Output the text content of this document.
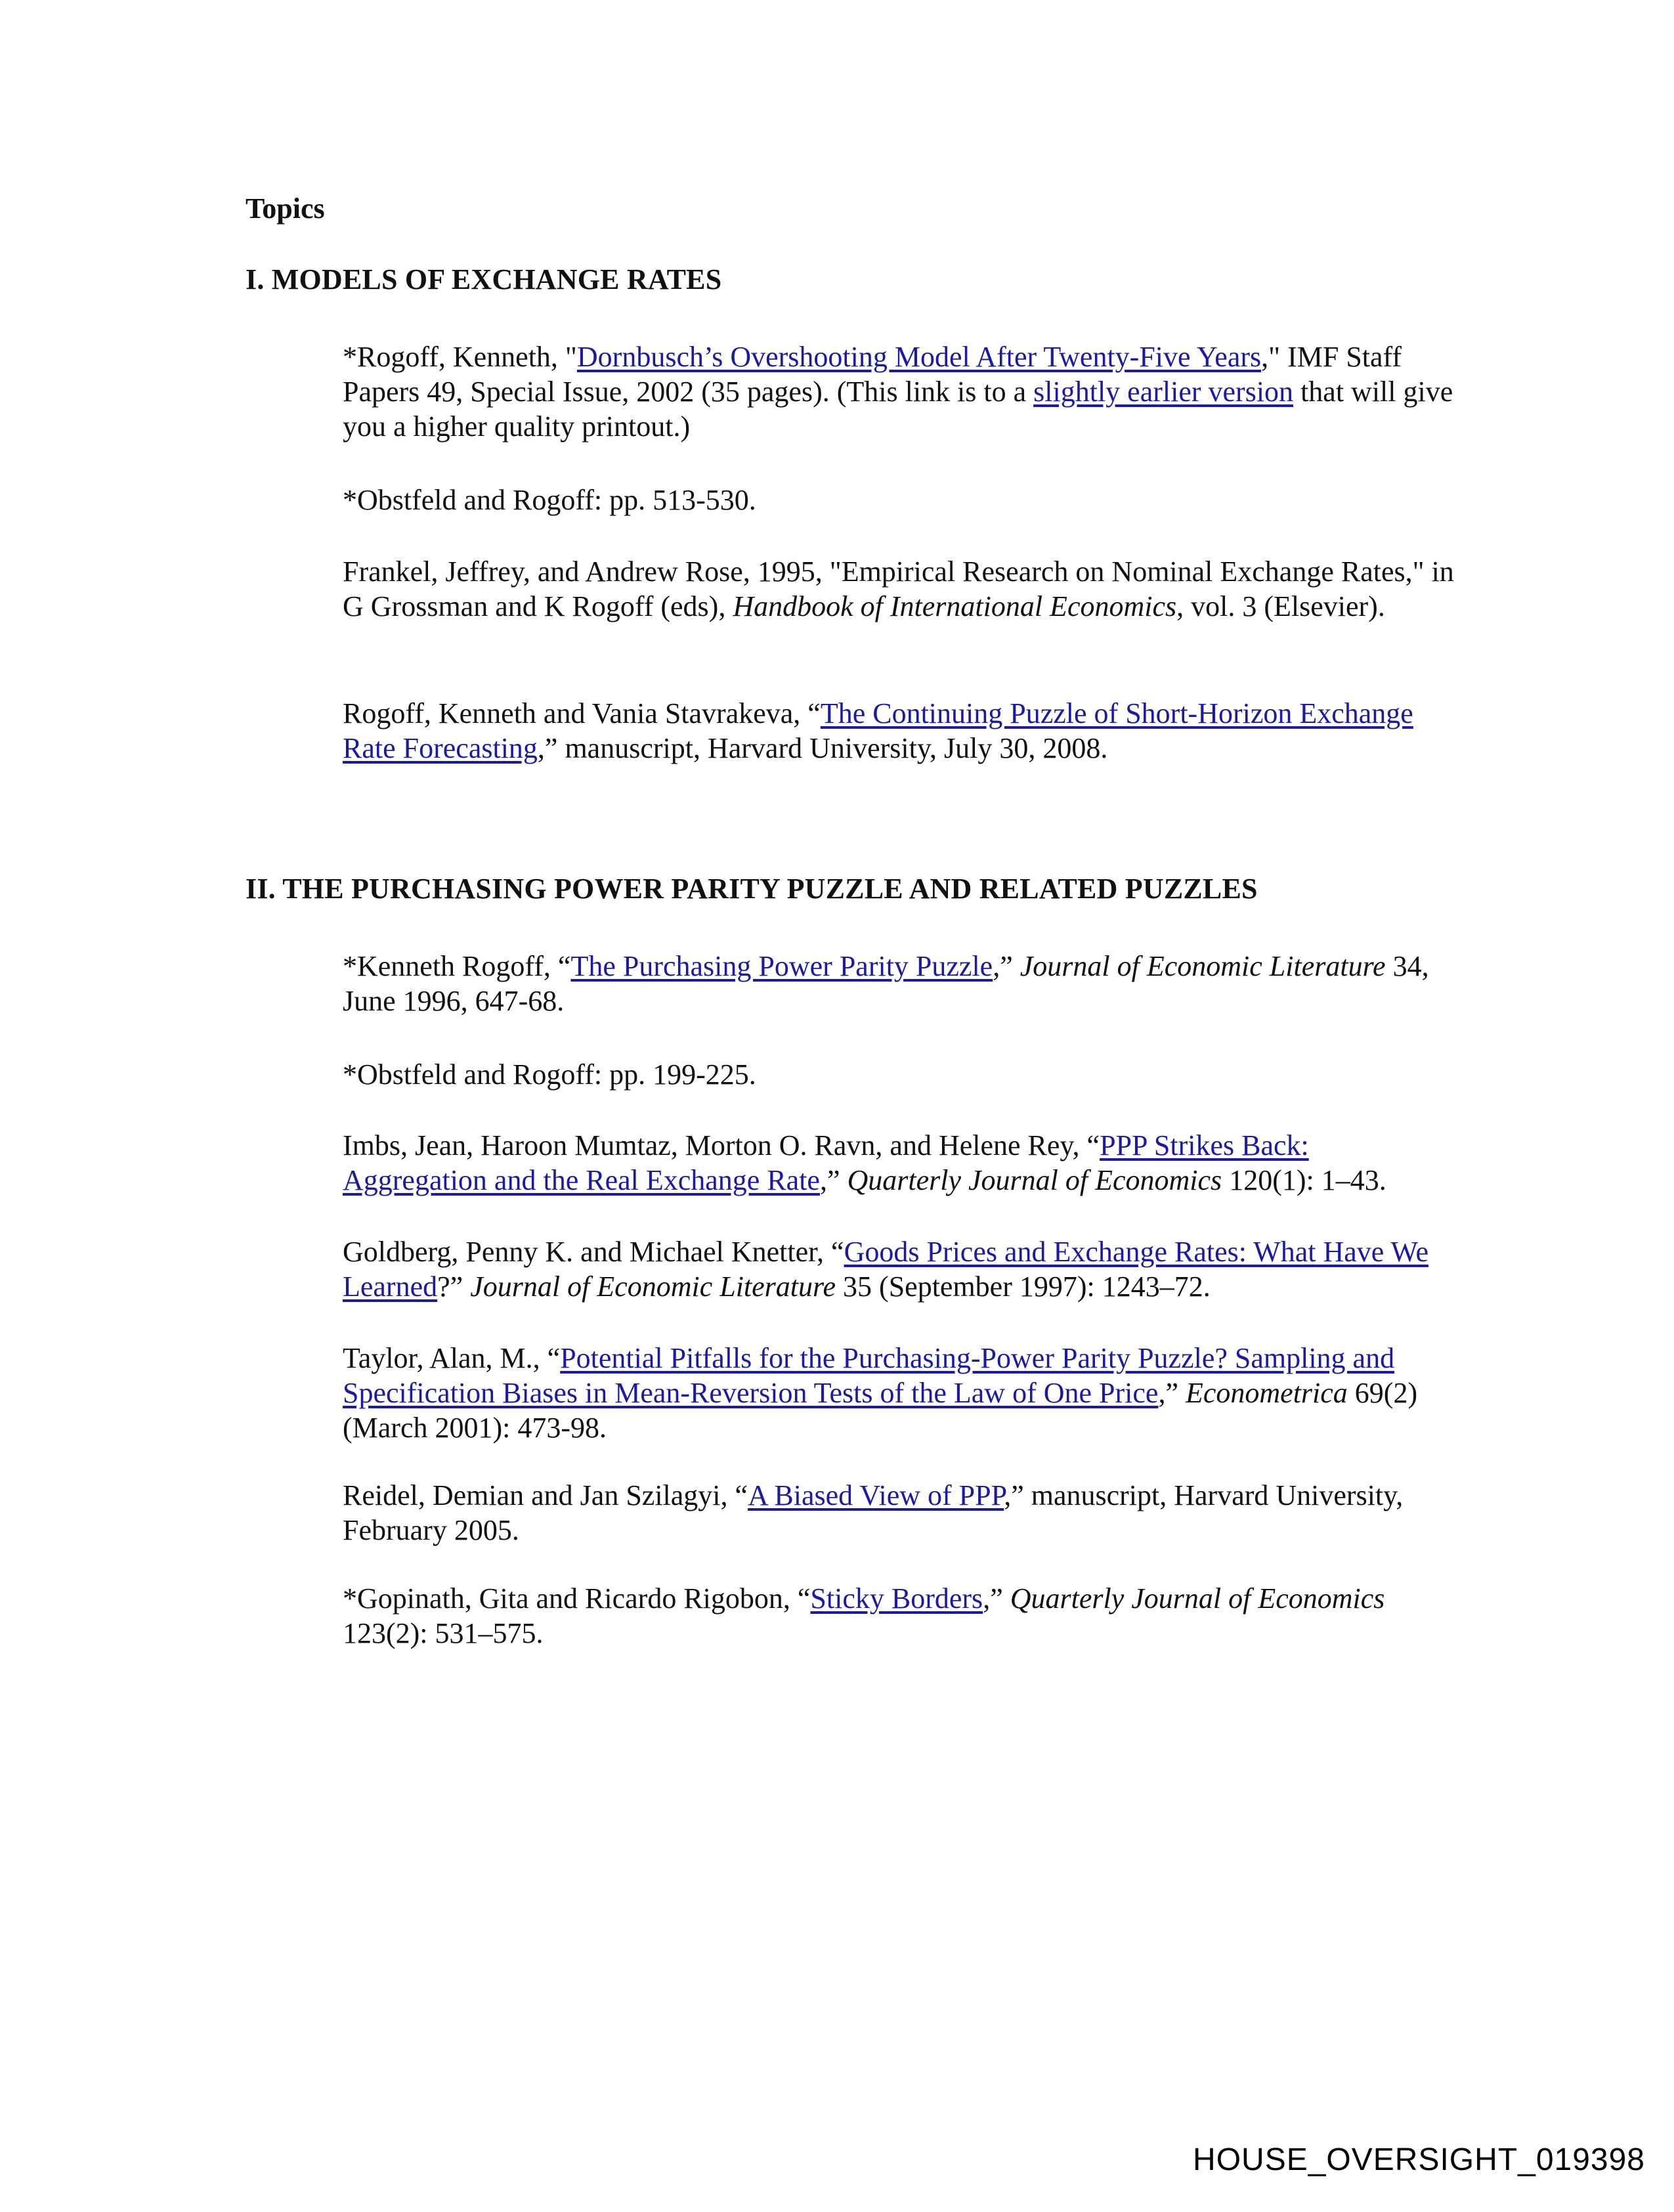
Topics
I. MODELS OF EXCHANGE RATES
*Rogoff, Kenneth, "Dornbusch’s Overshooting Model After Twenty-Five Years," IMF Staff Papers 49, Special Issue, 2002 (35 pages). (This link is to a slightly earlier version that will give you a higher quality printout.)
*Obstfeld and Rogoff: pp. 513-530.
Frankel, Jeffrey, and Andrew Rose, 1995, "Empirical Research on Nominal Exchange Rates," in G Grossman and K Rogoff (eds), Handbook of International Economics, vol. 3 (Elsevier).
Rogoff, Kenneth and Vania Stavrakeva, “The Continuing Puzzle of Short-Horizon Exchange Rate Forecasting,” manuscript, Harvard University, July 30, 2008.
II. THE PURCHASING POWER PARITY PUZZLE AND RELATED PUZZLES
*Kenneth Rogoff, “The Purchasing Power Parity Puzzle,” Journal of Economic Literature 34, June 1996, 647-68.
*Obstfeld and Rogoff: pp. 199-225.
Imbs, Jean, Haroon Mumtaz, Morton O. Ravn, and Helene Rey, “PPP Strikes Back: Aggregation and the Real Exchange Rate,” Quarterly Journal of Economics 120(1): 1–43.
Goldberg, Penny K. and Michael Knetter, “Goods Prices and Exchange Rates: What Have We Learned?” Journal of Economic Literature 35 (September 1997): 1243–72.
Taylor, Alan, M., “Potential Pitfalls for the Purchasing-Power Parity Puzzle? Sampling and Specification Biases in Mean-Reversion Tests of the Law of One Price,” Econometrica 69(2) (March 2001): 473-98.
Reidel, Demian and Jan Szilagyi, “A Biased View of PPP,” manuscript, Harvard University, February 2005.
*Gopinath, Gita and Ricardo Rigobon, “Sticky Borders,” Quarterly Journal of Economics 123(2): 531–575.
HOUSE_OVERSIGHT_019398
